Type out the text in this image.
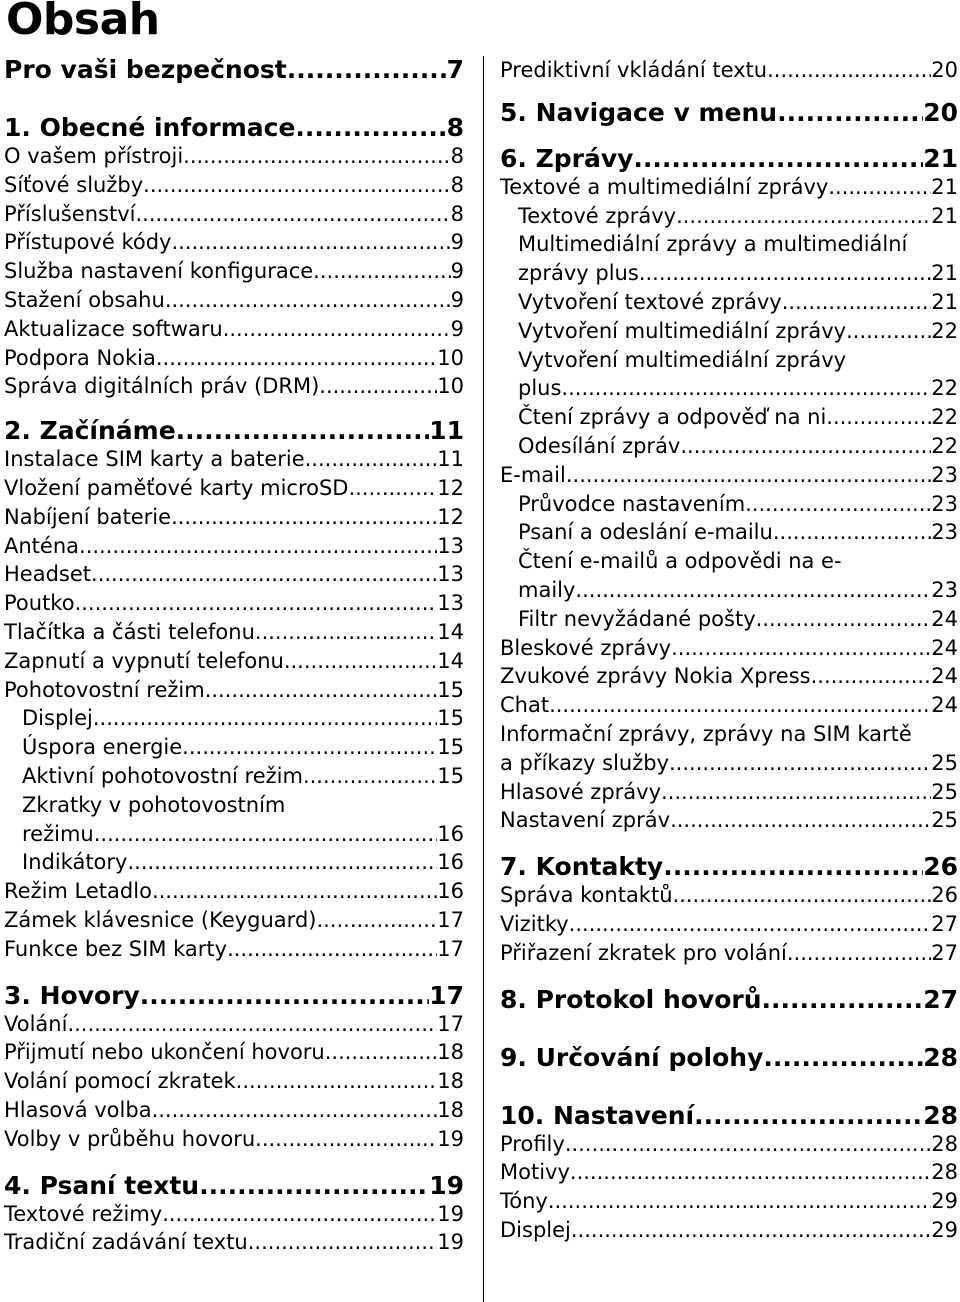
Obsah
Pro vaši bezpečnost .....	7
1. Obecné informace .....	8
O vašem přístroji .....	8
Síťové služby .....	8
Příslušenství .....	8
Přístupové kódy .....	9
Služba nastavení konfigurace .....	9
Stažení obsahu .....	9
Aktualizace softwaru .....	9
Podpora Nokia .....	10
Správa digitálních práv (DRM) .....	10
2. Začínáme .....	11
Instalace SIM karty a baterie .....	11
Vložení paměťové karty microSD .....	12
Nabíjení baterie .....	12
Anténa .....	13
Headset .....	13
Poutko .....	13
Tlačítka a části telefonu .....	14
Zapnutí a vypnutí telefonu .....	14
Pohotovostní režim .....	15
Displej .....	15
Úspora energie .....	15
Aktivní pohotovostní režim .....	15
Zkratky v pohotovostním
režimu .....	16
Indikátory .....	16
Režim Letadlo .....	16
Zámek klávesnice (Keyguard) .....	17
Funkce bez SIM karty .....	17
3. Hovory .....	17
Volání .....	17
Přijmutí nebo ukončení hovoru .....	18
Volání pomocí zkratek .....	18
Hlasová volba .....	18
Volby v průběhu hovoru .....	19
4. Psaní textu .....	19
Textové režimy .....	19
Tradiční zadávání textu .....	19
Prediktivní vkládání textu .....	20
5. Navigace v menu .....	20
6. Zprávy .....	21
Textové a multimediální zprávy .....	21
Textové zprávy .....	21
Multimediální zprávy a multimediální
zprávy plus .....	21
Vytvoření textové zprávy .....	21
Vytvoření multimediální zprávy .....	22
Vytvoření multimediální zprávy
plus .....	22
Čtení zprávy a odpověď na ni .....	22
Odesílání zpráv .....	22
E-mail .....	23
Průvodce nastavením .....	23
Psaní a odeslání e-mailu .....	23
Čtení e-mailů a odpovědi na e-
maily .....	23
Filtr nevyžádané pošty .....	24
Bleskové zprávy .....	24
Zvukové zprávy Nokia Xpress .....	24
Chat .....	24
Informační zprávy, zprávy na SIM kartě
a příkazy služby .....	25
Hlasové zprávy .....	25
Nastavení zpráv .....	25
7. Kontakty .....	26
Správa kontaktů .....	26
Vizitky .....	27
Přiřazení zkratek pro volání .....	27
8. Protokol hovorů .....	27
9. Určování polohy .....	28
10. Nastavení .....	28
Profily .....	28
Motivy .....	28
Tóny .....	29
Displej .....	29
